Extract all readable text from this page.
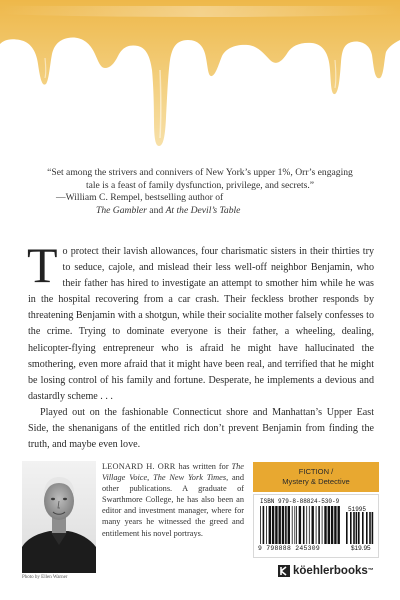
“Set among the strivers and connivers of New York’s upper 1%, Orr’s engaging tale is a feast of family dysfunction, privilege, and secrets.”
—William C. Rempel, bestselling author of
The Gambler and At the Devil’s Table

To protect their lavish allowances, four charismatic sisters in their thirties try to seduce, cajole, and mislead their less well-off neighbor Benjamin, who their father has hired to investigate an attempt to smother him while he was in the hospital recovering from a car crash. Their feckless brother responds by threatening Benjamin with a shotgun, while their socialite mother falsely confesses to the crime. Trying to dominate everyone is their father, a wheeling, dealing, helicopter-flying entrepreneur who is afraid he might have hallucinated the smothering, even more afraid that it might have been real, and terrified that he might be losing control of his family and fortune. Desperate, he implements a devious and dastardly scheme . . .

Played out on the fashionable Connecticut shore and Manhattan’s Upper East Side, the shenanigans of the entitled rich don’t prevent Benjamin from finding the truth, and maybe even love.

Photo by Ellen Warner
LEONARD H. ORR has written for The Village Voice, The New York Times, and other publications. A graduate of Swarthmore College, he has also been an editor and investment manager, where for many years he witnessed the greed and entitlement his novel portrays.
FICTION /
Mystery & Detective
ISBN 979-8-88824-530-9
51995
9 798888 245309	$19.95
köehlerbooks ™
